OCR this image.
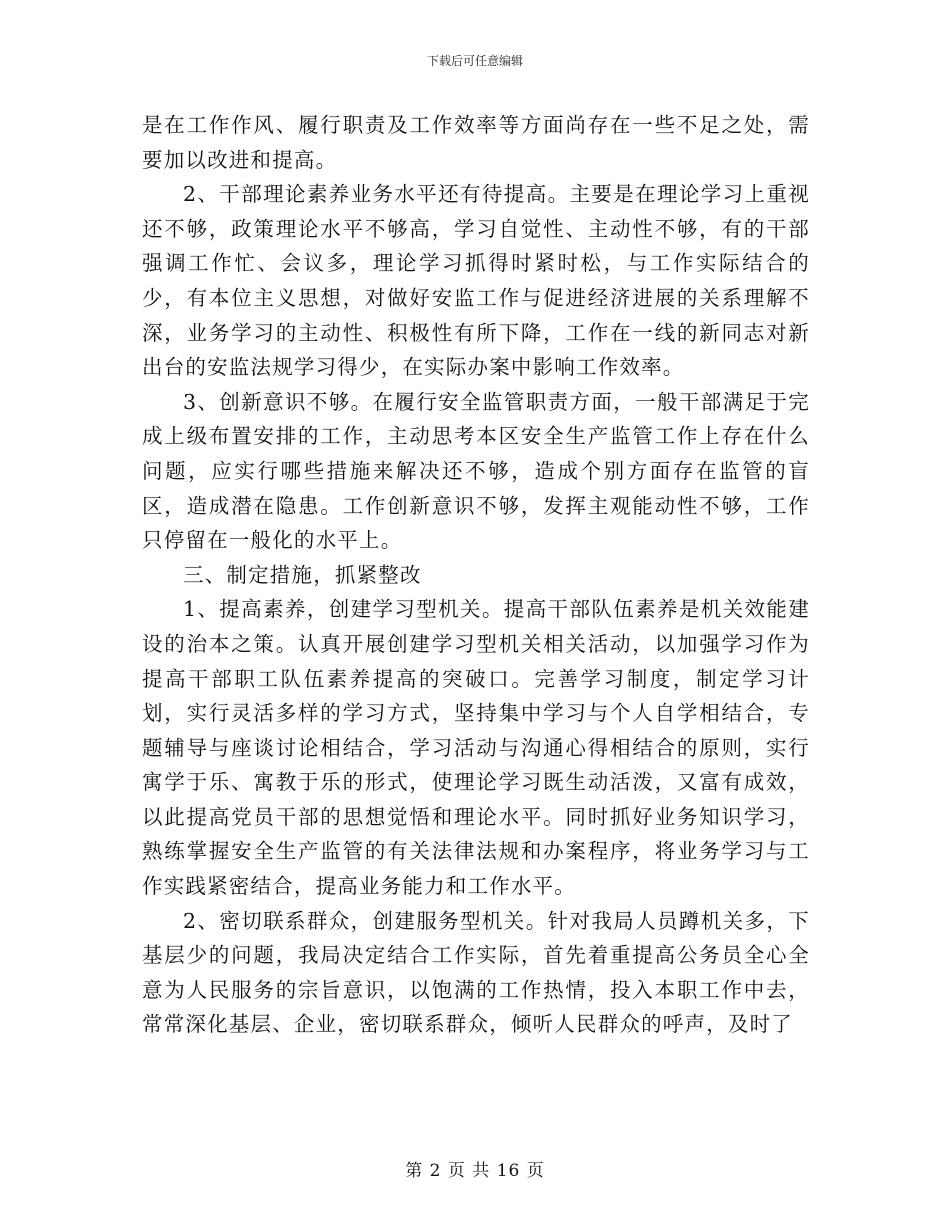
下载后可任意编辑

是在工作作风、履行职责及工作效率等方面尚存在一些不足之处，需要加以改进和提高。

2、干部理论素养业务水平还有待提高。主要是在理论学习上重视还不够，政策理论水平不够高，学习自觉性、主动性不够，有的干部强调工作忙、会议多，理论学习抓得时紧时松，与工作实际结合的少，有本位主义思想，对做好安监工作与促进经济进展的关系理解不深，业务学习的主动性、积极性有所下降，工作在一线的新同志对新出台的安监法规学习得少，在实际办案中影响工作效率。

3、创新意识不够。在履行安全监管职责方面，一般干部满足于完成上级布置安排的工作，主动思考本区安全生产监管工作上存在什么问题，应实行哪些措施来解决还不够，造成个别方面存在监管的盲区，造成潜在隐患。工作创新意识不够，发挥主观能动性不够，工作只停留在一般化的水平上。

三、制定措施，抓紧整改

1、提高素养，创建学习型机关。提高干部队伍素养是机关效能建设的治本之策。认真开展创建学习型机关相关活动，以加强学习作为提高干部职工队伍素养提高的突破口。完善学习制度，制定学习计划，实行灵活多样的学习方式，坚持集中学习与个人自学相结合，专题辅导与座谈讨论相结合，学习活动与沟通心得相结合的原则，实行寓学于乐、寓教于乐的形式，使理论学习既生动活泼，又富有成效，以此提高党员干部的思想觉悟和理论水平。同时抓好业务知识学习，熟练掌握安全生产监管的有关法律法规和办案程序，将业务学习与工作实践紧密结合，提高业务能力和工作水平。

2、密切联系群众，创建服务型机关。针对我局人员蹲机关多，下基层少的问题，我局决定结合工作实际，首先着重提高公务员全心全意为人民服务的宗旨意识，以饱满的工作热情，投入本职工作中去，常常深化基层、企业，密切联系群众，倾听人民群众的呼声，及时了

第 2 页 共 16 页
